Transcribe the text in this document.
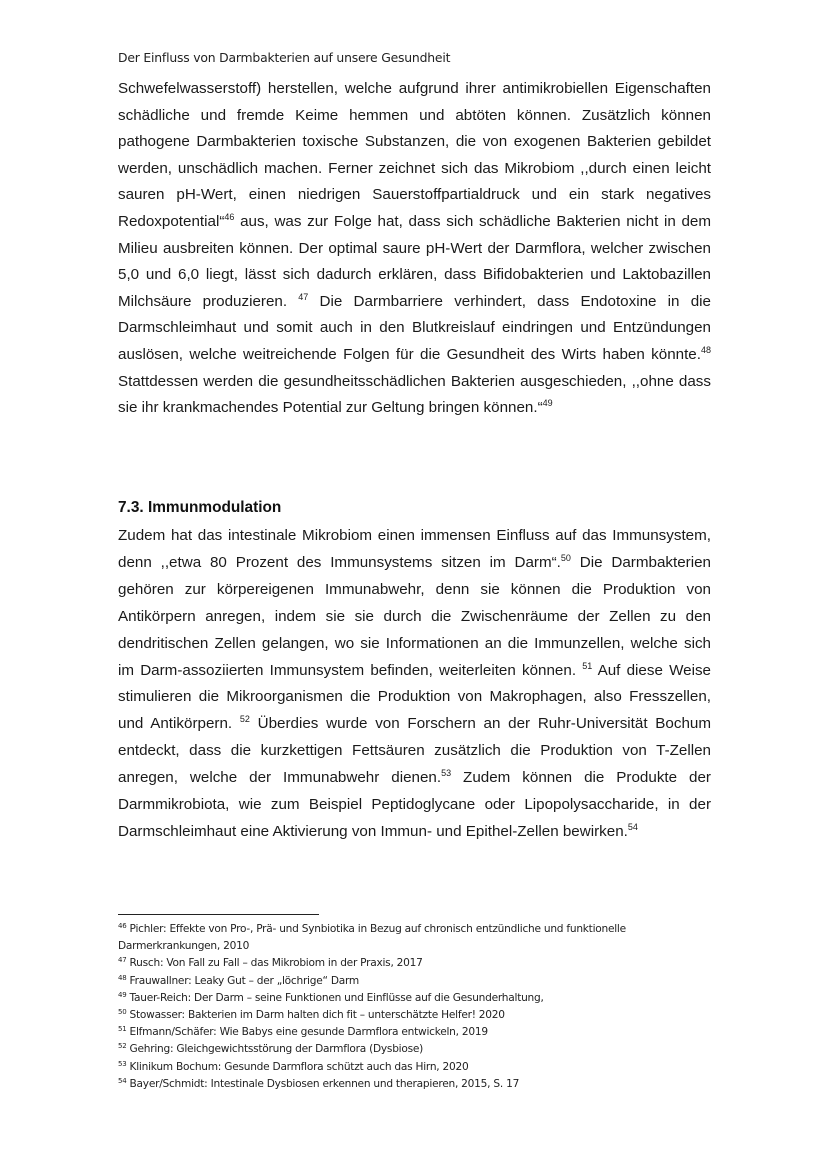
Der Einfluss von Darmbakterien auf unsere Gesundheit

Schwefelwasserstoff) herstellen, welche aufgrund ihrer antimikrobiellen Eigenschaften schädliche und fremde Keime hemmen und abtöten können. Zusätzlich können pathogene Darmbakterien toxische Substanzen, die von exogenen Bakterien gebildet werden, unschädlich machen. Ferner zeichnet sich das Mikrobiom ,,durch einen leicht sauren pH-Wert, einen niedrigen Sauerstoffpartialdruck und ein stark negatives Redoxpotential“$^{46}$ aus, was zur Folge hat, dass sich schädliche Bakterien nicht in dem Milieu ausbreiten können. Der optimal saure pH-Wert der Darmflora, welcher zwischen 5,0 und 6,0 liegt, lässt sich dadurch erklären, dass Bifidobakterien und Laktobazillen Milchsäure produzieren. $^{47}$ Die Darmbarriere verhindert, dass Endotoxine in die Darmschleimhaut und somit auch in den Blutkreislauf eindringen und Entzündungen auslösen, welche weitreichende Folgen für die Gesundheit des Wirts haben könnte.$^{48}$ Stattdessen werden die gesundheitsschädlichen Bakterien ausgeschieden, ,,ohne dass sie ihr krankmachendes Potential zur Geltung bringen können.“$^{49}$

7.3. Immunmodulation

Zudem hat das intestinale Mikrobiom einen immensen Einfluss auf das Immunsystem, denn ,,etwa 80 Prozent des Immunsystems sitzen im Darm“.$^{50}$ Die Darmbakterien gehören zur körpereigenen Immunabwehr, denn sie können die Produktion von Antikörpern anregen, indem sie sie durch die Zwischenräume der Zellen zu den dendritischen Zellen gelangen, wo sie Informationen an die Immunzellen, welche sich im Darm-assoziierten Immunsystem befinden, weiterleiten können. $^{51}$ Auf diese Weise stimulieren die Mikroorganismen die Produktion von Makrophagen, also Fresszellen, und Antikörpern. $^{52}$ Überdies wurde von Forschern an der Ruhr-Universität Bochum entdeckt, dass die kurzkettigen Fettsäuren zusätzlich die Produktion von T-Zellen anregen, welche der Immunabwehr dienen.$^{53}$ Zudem können die Produkte der Darmmikrobiota, wie zum Beispiel Peptidoglycane oder Lipopolysaccharide, in der Darmschleimhaut eine Aktivierung von Immun- und Epithel-Zellen bewirken.$^{54}$

$^{46}$ Pichler: Effekte von Pro-, Prä- und Synbiotika in Bezug auf chronisch entzündliche und funktionelle Darmerkrankungen, 2010

$^{47}$ Rusch: Von Fall zu Fall – das Mikrobiom in der Praxis, 2017

$^{48}$ Frauwallner: Leaky Gut – der „löchrige“ Darm

$^{49}$ Tauer-Reich: Der Darm – seine Funktionen und Einflüsse auf die Gesunderhaltung,

$^{50}$ Stowasser: Bakterien im Darm halten dich fit – unterschätzte Helfer! 2020

$^{51}$ Elfmann/Schäfer: Wie Babys eine gesunde Darmflora entwickeln, 2019

$^{52}$ Gehring: Gleichgewichtsstörung der Darmflora (Dysbiose)

$^{53}$ Klinikum Bochum: Gesunde Darmflora schützt auch das Hirn, 2020

$^{54}$ Bayer/Schmidt: Intestinale Dysbiosen erkennen und therapieren, 2015, S. 17
